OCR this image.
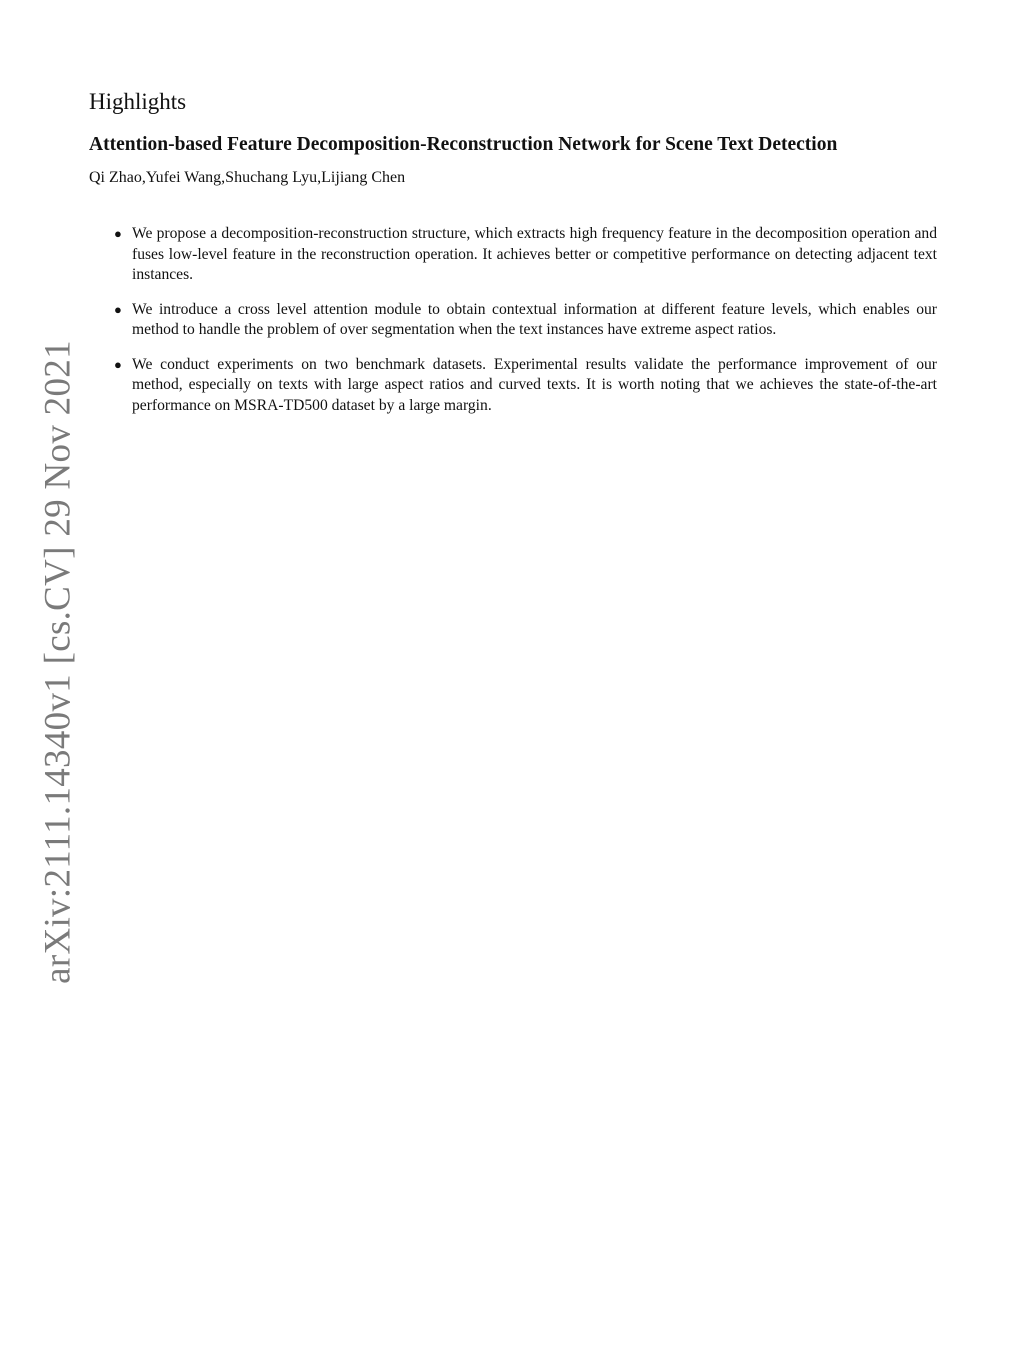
arXiv:2111.14340v1 [cs.CV] 29 Nov 2021
Highlights
Attention-based Feature Decomposition-Reconstruction Network for Scene Text Detection

Qi Zhao,Yufei Wang,Shuchang Lyu,Lijiang Chen

● We propose a decomposition-reconstruction structure, which extracts high frequency feature in the decomposition operation and fuses low-level feature in the reconstruction operation. It achieves better or competitive performance on detecting adjacent text instances.
● We introduce a cross level attention module to obtain contextual information at different feature levels, which enables our method to handle the problem of over segmentation when the text instances have extreme aspect ratios.
● We conduct experiments on two benchmark datasets. Experimental results validate the performance improvement of our method, especially on texts with large aspect ratios and curved texts. It is worth noting that we achieves the state-of-the-art performance on MSRA-TD500 dataset by a large margin.
